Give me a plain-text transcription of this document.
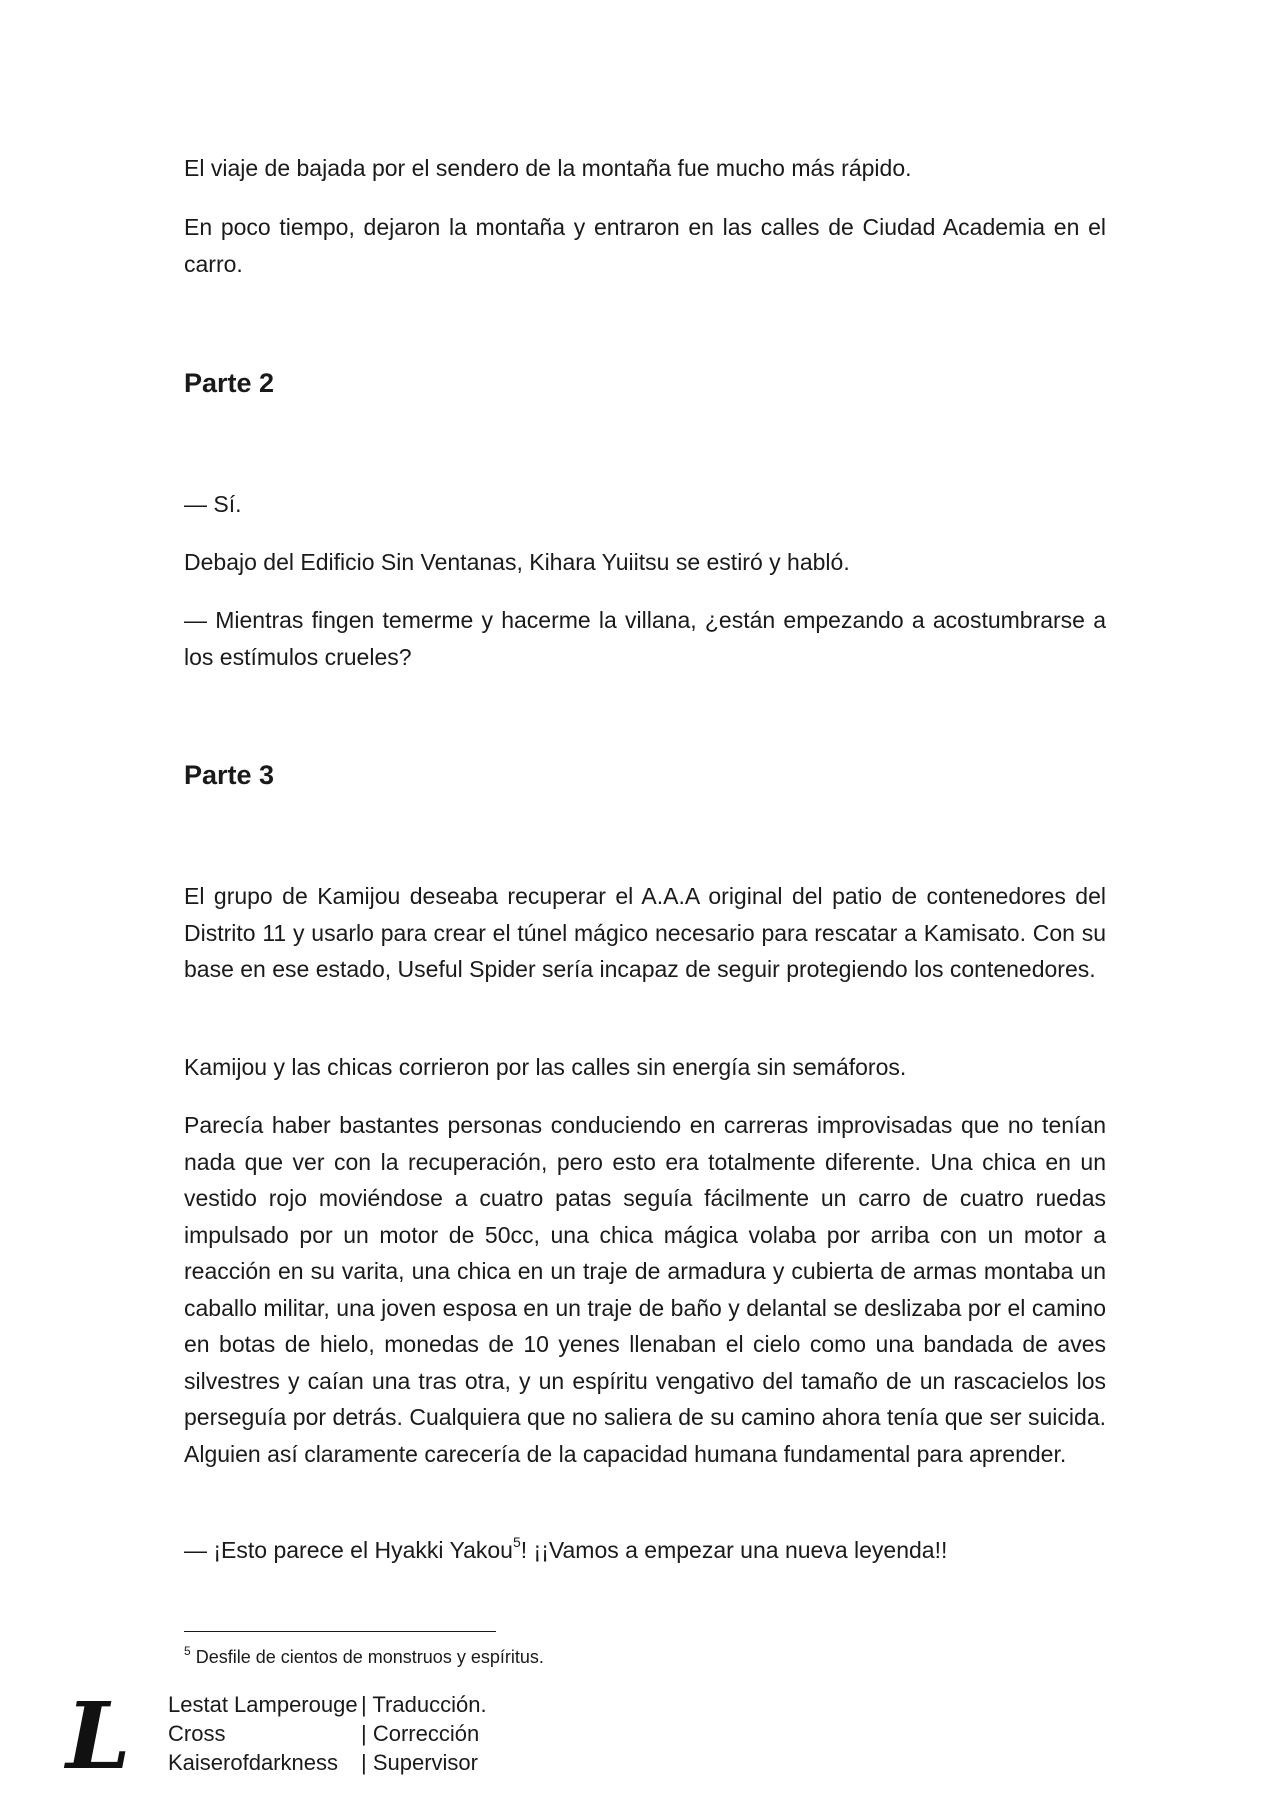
El viaje de bajada por el sendero de la montaña fue mucho más rápido.

En poco tiempo, dejaron la montaña y entraron en las calles de Ciudad Academia en el carro.

Parte 2

— Sí.

Debajo del Edificio Sin Ventanas, Kihara Yuiitsu se estiró y habló.

— Mientras fingen temerme y hacerme la villana, ¿están empezando a acostumbrarse a los estímulos crueles?

Parte 3

El grupo de Kamijou deseaba recuperar el A.A.A original del patio de contenedores del Distrito 11 y usarlo para crear el túnel mágico necesario para rescatar a Kamisato. Con su base en ese estado, Useful Spider sería incapaz de seguir protegiendo los contenedores.

Kamijou y las chicas corrieron por las calles sin energía sin semáforos.

Parecía haber bastantes personas conduciendo en carreras improvisadas que no tenían nada que ver con la recuperación, pero esto era totalmente diferente. Una chica en un vestido rojo moviéndose a cuatro patas seguía fácilmente un carro de cuatro ruedas impulsado por un motor de 50cc, una chica mágica volaba por arriba con un motor a reacción en su varita, una chica en un traje de armadura y cubierta de armas montaba un caballo militar, una joven esposa en un traje de baño y delantal se deslizaba por el camino en botas de hielo, monedas de 10 yenes llenaban el cielo como una bandada de aves silvestres y caían una tras otra, y un espíritu vengativo del tamaño de un rascacielos los perseguía por detrás. Cualquiera que no saliera de su camino ahora tenía que ser suicida. Alguien así claramente carecería de la capacidad humana fundamental para aprender.

— ¡Esto parece el Hyakki Yakou$^5$! ¡¡Vamos a empezar una nueva leyenda!!

$^5$ Desfile de cientos de monstruos y espíritus.
L Lestat Lamperouge | Traducción.
Cross	| Corrección
Kaiserofdarkness	| Supervisor
